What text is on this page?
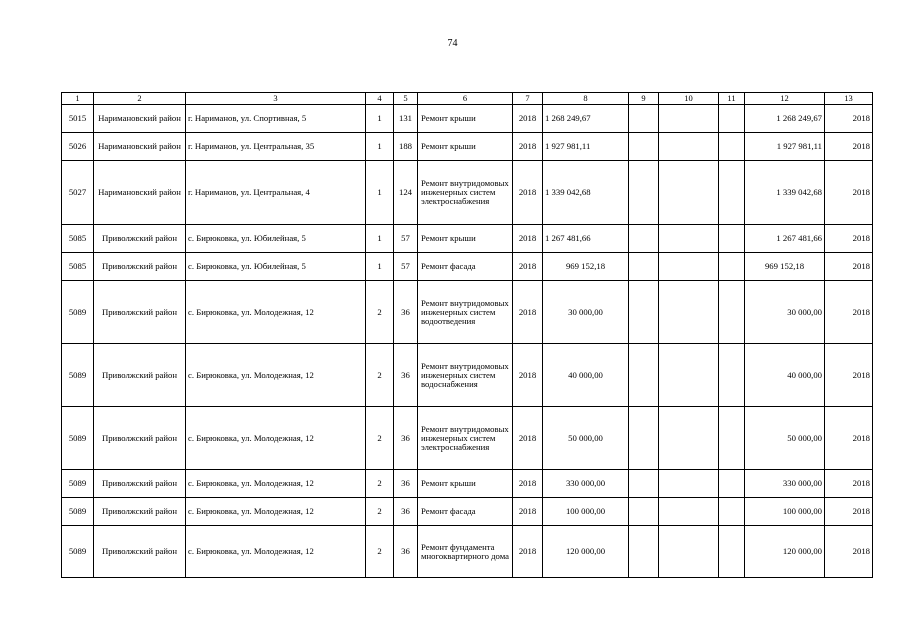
74
1	2	3	4	5	6	7	8	9	10	11	12	13
5015	Наримановский район	г. Нариманов, ул. Спортивная, 5	1	131	Ремонт крыши	2018	1 268 249,67				1 268 249,67	2018
5026	Наримановский район	г. Нариманов, ул. Центральная, 35	1	188	Ремонт крыши	2018	1 927 981,11				1 927 981,11	2018
5027	Наримановский район	г. Нариманов, ул. Центральная, 4	1	124	Ремонт внутридомовых инженерных систем электроснабжения	2018	1 339 042,68				1 339 042,68	2018
5085	Приволжский район	с. Бирюковка, ул. Юбилейная, 5	1	57	Ремонт крыши	2018	1 267 481,66				1 267 481,66	2018
5085	Приволжский район	с. Бирюковка, ул. Юбилейная, 5	1	57	Ремонт фасада	2018	969 152,18				969 152,18	2018
5089	Приволжский район	с. Бирюковка, ул. Молодежная, 12	2	36	Ремонт внутридомовых инженерных систем водоотведения	2018	30 000,00				30 000,00	2018
5089	Приволжский район	с. Бирюковка, ул. Молодежная, 12	2	36	Ремонт внутридомовых инженерных систем водоснабжения	2018	40 000,00				40 000,00	2018
5089	Приволжский район	с. Бирюковка, ул. Молодежная, 12	2	36	Ремонт внутридомовых инженерных систем электроснабжения	2018	50 000,00				50 000,00	2018
5089	Приволжский район	с. Бирюковка, ул. Молодежная, 12	2	36	Ремонт крыши	2018	330 000,00				330 000,00	2018
5089	Приволжский район	с. Бирюковка, ул. Молодежная, 12	2	36	Ремонт фасада	2018	100 000,00				100 000,00	2018
5089	Приволжский район	с. Бирюковка, ул. Молодежная, 12	2	36	Ремонт фундамента многоквартирного дома	2018	120 000,00				120 000,00	2018
